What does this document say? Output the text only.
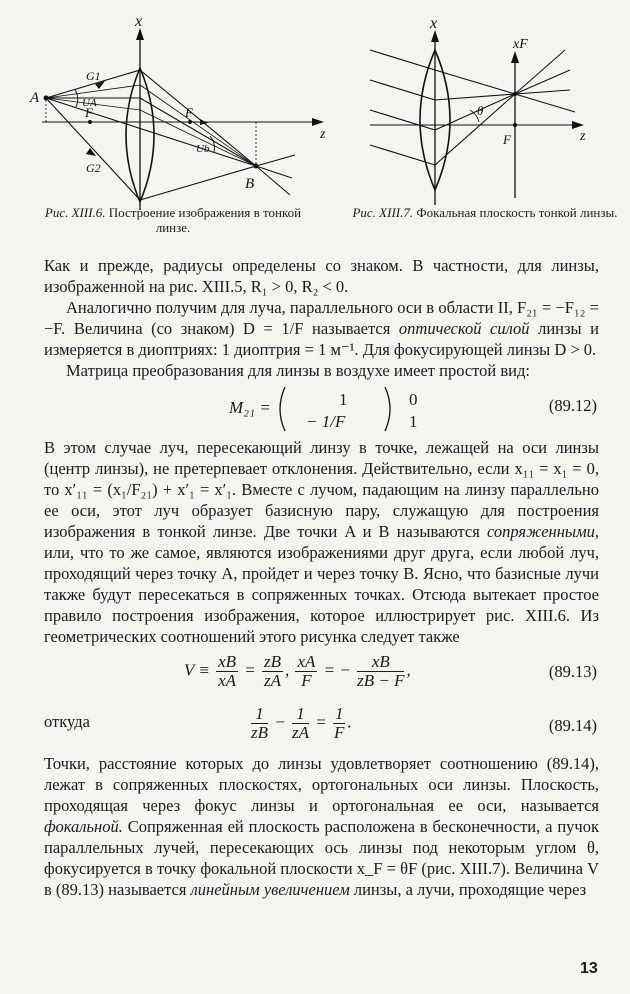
x
z
A
B
F	F
G1
G2
UA
Ub
x
xF
z
θ
F
Рис. XIII.6. Построение изображения в тонкой линзе.
Рис. XIII.7. Фокальная плоскость тонкой линзы.

Как и прежде, радиусы определены со знаком. В частности, для линзы, изображенной на рис. XIII.5, R₁ > 0, R₂ < 0.

Аналогично получим для луча, параллельного оси в области II, F₂₁ = −F₁₂ = −F. Величина (со знаком) D = 1/F называется оптической силой линзы и измеряется в диоптриях: 1 диоптрия = 1 м⁻¹. Для фокусирующей линзы D > 0.

Матрица преобразования для линзы в воздухе имеет простой вид:

M₂₁ =	1	0
− 1/F	1
(89.12)

В этом случае луч, пересекающий линзу в точке, лежащей на оси линзы (центр линзы), не претерпевает отклонения. Действительно, если x₁₁ = x₁ = 0, то x′₁₁ = (x₁/F₂₁) + x′₁ = x′₁. Вместе с лучом, падающим на линзу параллельно ее оси, этот луч образует базисную пару, служащую для построения изображения в тонкой линзе. Две точки A и B называются сопряженными, или, что то же самое, являются изображениями друг друга, если любой луч, проходящий через точку A, пройдет и через точку B. Ясно, что базисные лучи также будут пересекаться в сопряженных точках. Отсюда вытекает простое правило построения изображения, которое иллюстрирует рис. XIII.6. Из геометрических соотношений этого рисунка следует также

$V \equiv \frac{xB}{xA} = \frac{zB}{zA}$ , $\frac{xA}{F}$ = − $\frac{xB}{zB - F}$ ,	(89.13)
откуда	$\frac{1}{zB} - \frac{1}{zA} = \frac{1}{F}$ .	(89.14)

Точки, расстояние которых до линзы удовлетворяет соотношению (89.14), лежат в сопряженных плоскостях, ортогональных оси линзы. Плоскость, проходящая через фокус линзы и ортогональная ее оси, называется фокальной. Сопряженная ей плоскость расположена в бесконечности, а пучок параллельных лучей, пересекающих ось линзы под некоторым углом θ, фокусируется в точку фокальной плоскости x_F = θF (рис. XIII.7). Величина V в (89.13) называется линейным увеличением линзы, а лучи, проходящие через

13
